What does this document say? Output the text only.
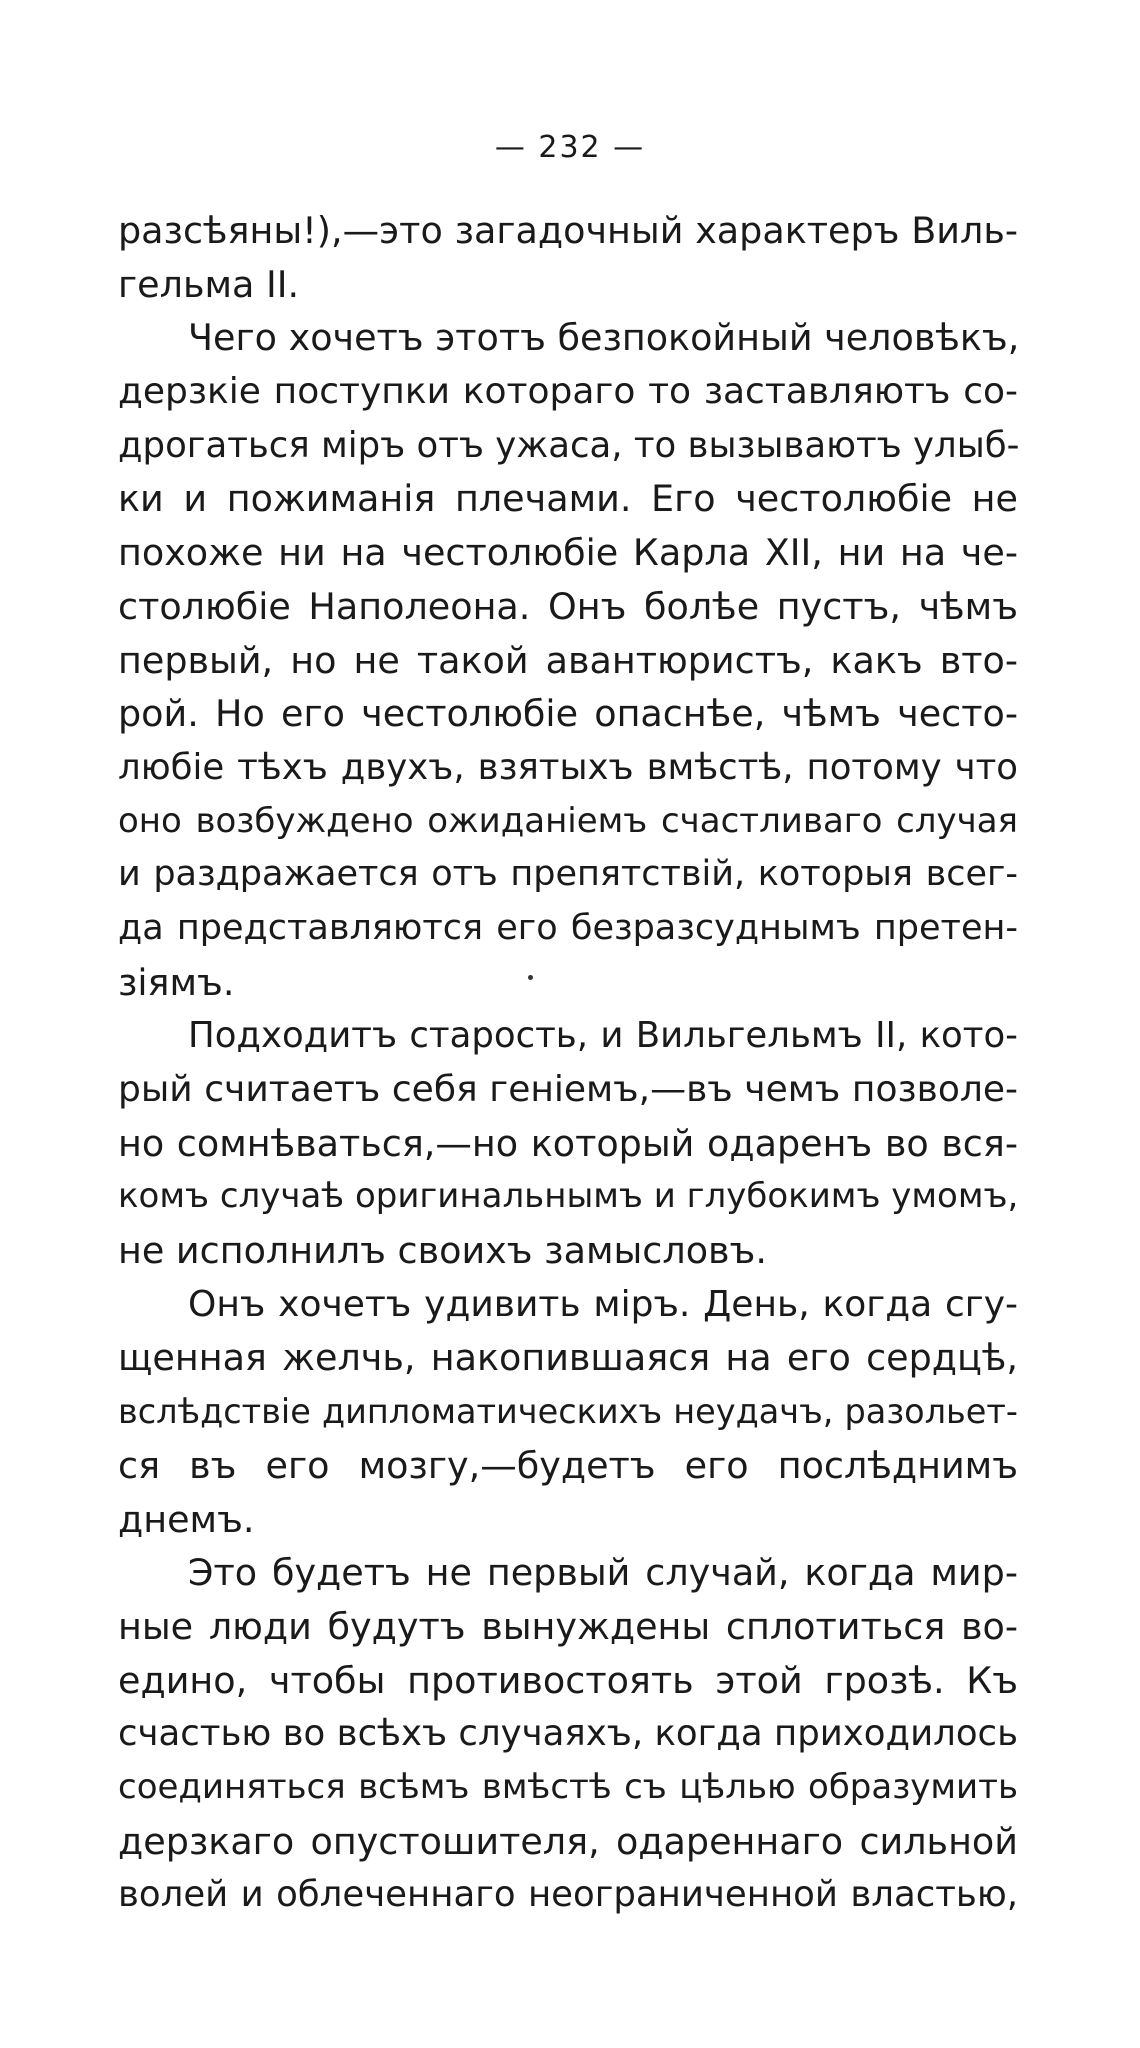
— 232 —
разсѣяны!),—это загадочный характеръ Виль-
гельма II.
Чего хочетъ этотъ безпокойный человѣкъ,
дерзкіе поступки котораго то заставляютъ со-
дрогаться міръ отъ ужаса, то вызываютъ улыб-
ки и пожиманія плечами. Его честолюбіе не
похоже ни на честолюбіе Карла XII, ни на че-
столюбіе Наполеона. Онъ болѣе пустъ, чѣмъ
первый, но не такой авантюристъ, какъ вто-
рой. Но его честолюбіе опаснѣе, чѣмъ често-
любіе тѣхъ двухъ, взятыхъ вмѣстѣ, потому что
оно возбуждено ожиданіемъ счастливаго случая
и раздражается отъ препятствій, которыя всег-
да представляются его безразсуднымъ претен-
зіямъ.
Подходитъ старость, и Вильгельмъ II, кото-
рый считаетъ себя геніемъ,—въ чемъ позволе-
но сомнѣваться,—но который одаренъ во вся-
комъ случаѣ оригинальнымъ и глубокимъ умомъ,
не исполнилъ своихъ замысловъ.
Онъ хочетъ удивить міръ. День, когда сгу-
щенная желчь, накопившаяся на его сердцѣ,
вслѣдствіе дипломатическихъ неудачъ, разольет-
ся въ его мозгу,—будетъ его послѣднимъ
днемъ.
Это будетъ не первый случай, когда мир-
ные люди будутъ вынуждены сплотиться во-
едино, чтобы противостоять этой грозѣ. Къ
счастью во всѣхъ случаяхъ, когда приходилось
соединяться всѣмъ вмѣстѣ съ цѣлью образумить
дерзкаго опустошителя, одареннаго сильной
волей и облеченнаго неограниченной властью,
